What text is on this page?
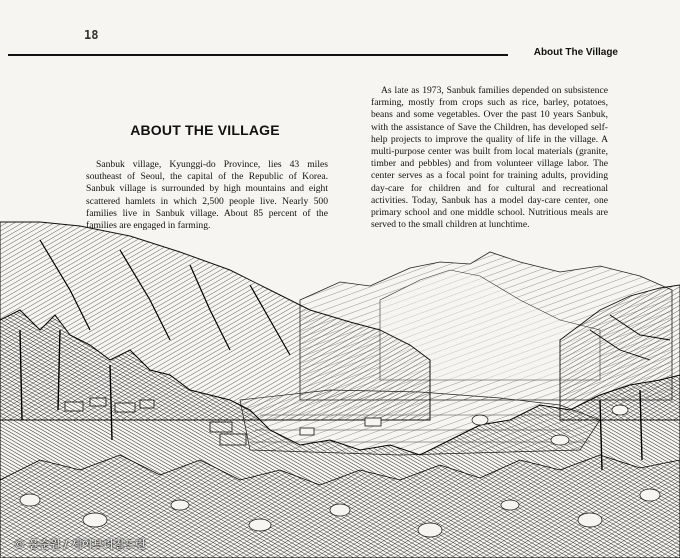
18
About The Village
ABOUT THE VILLAGE

Sanbuk village, Kyunggi-do Province, lies 43 miles southeast of Seoul, the capital of the Republic of Korea. Sanbuk village is surrounded by high mountains and eight scattered hamlets in which 2,500 people live. Nearly 500 families live in Sanbuk village. About 85 percent of the families are engaged in farming.

As late as 1973, Sanbuk families depended on subsistence farming, mostly from crops such as rice, barley, potatoes, beans and some vegetables. Over the past 10 years Sanbuk, with the assistance of Save the Children, has developed self-help projects to improve the quality of life in the village. A multi-purpose center was built from local materials (granite, timber and pebbles) and from volunteer village labor. The center serves as a focal point for training adults, providing day-care for children and for cultural and recreational activities. Today, Sanbuk has a model day-care center, one primary school and one middle school. Nutritious meals are served to the small children at lunchtime.

© 윤순원 / 세이브더칠드런
